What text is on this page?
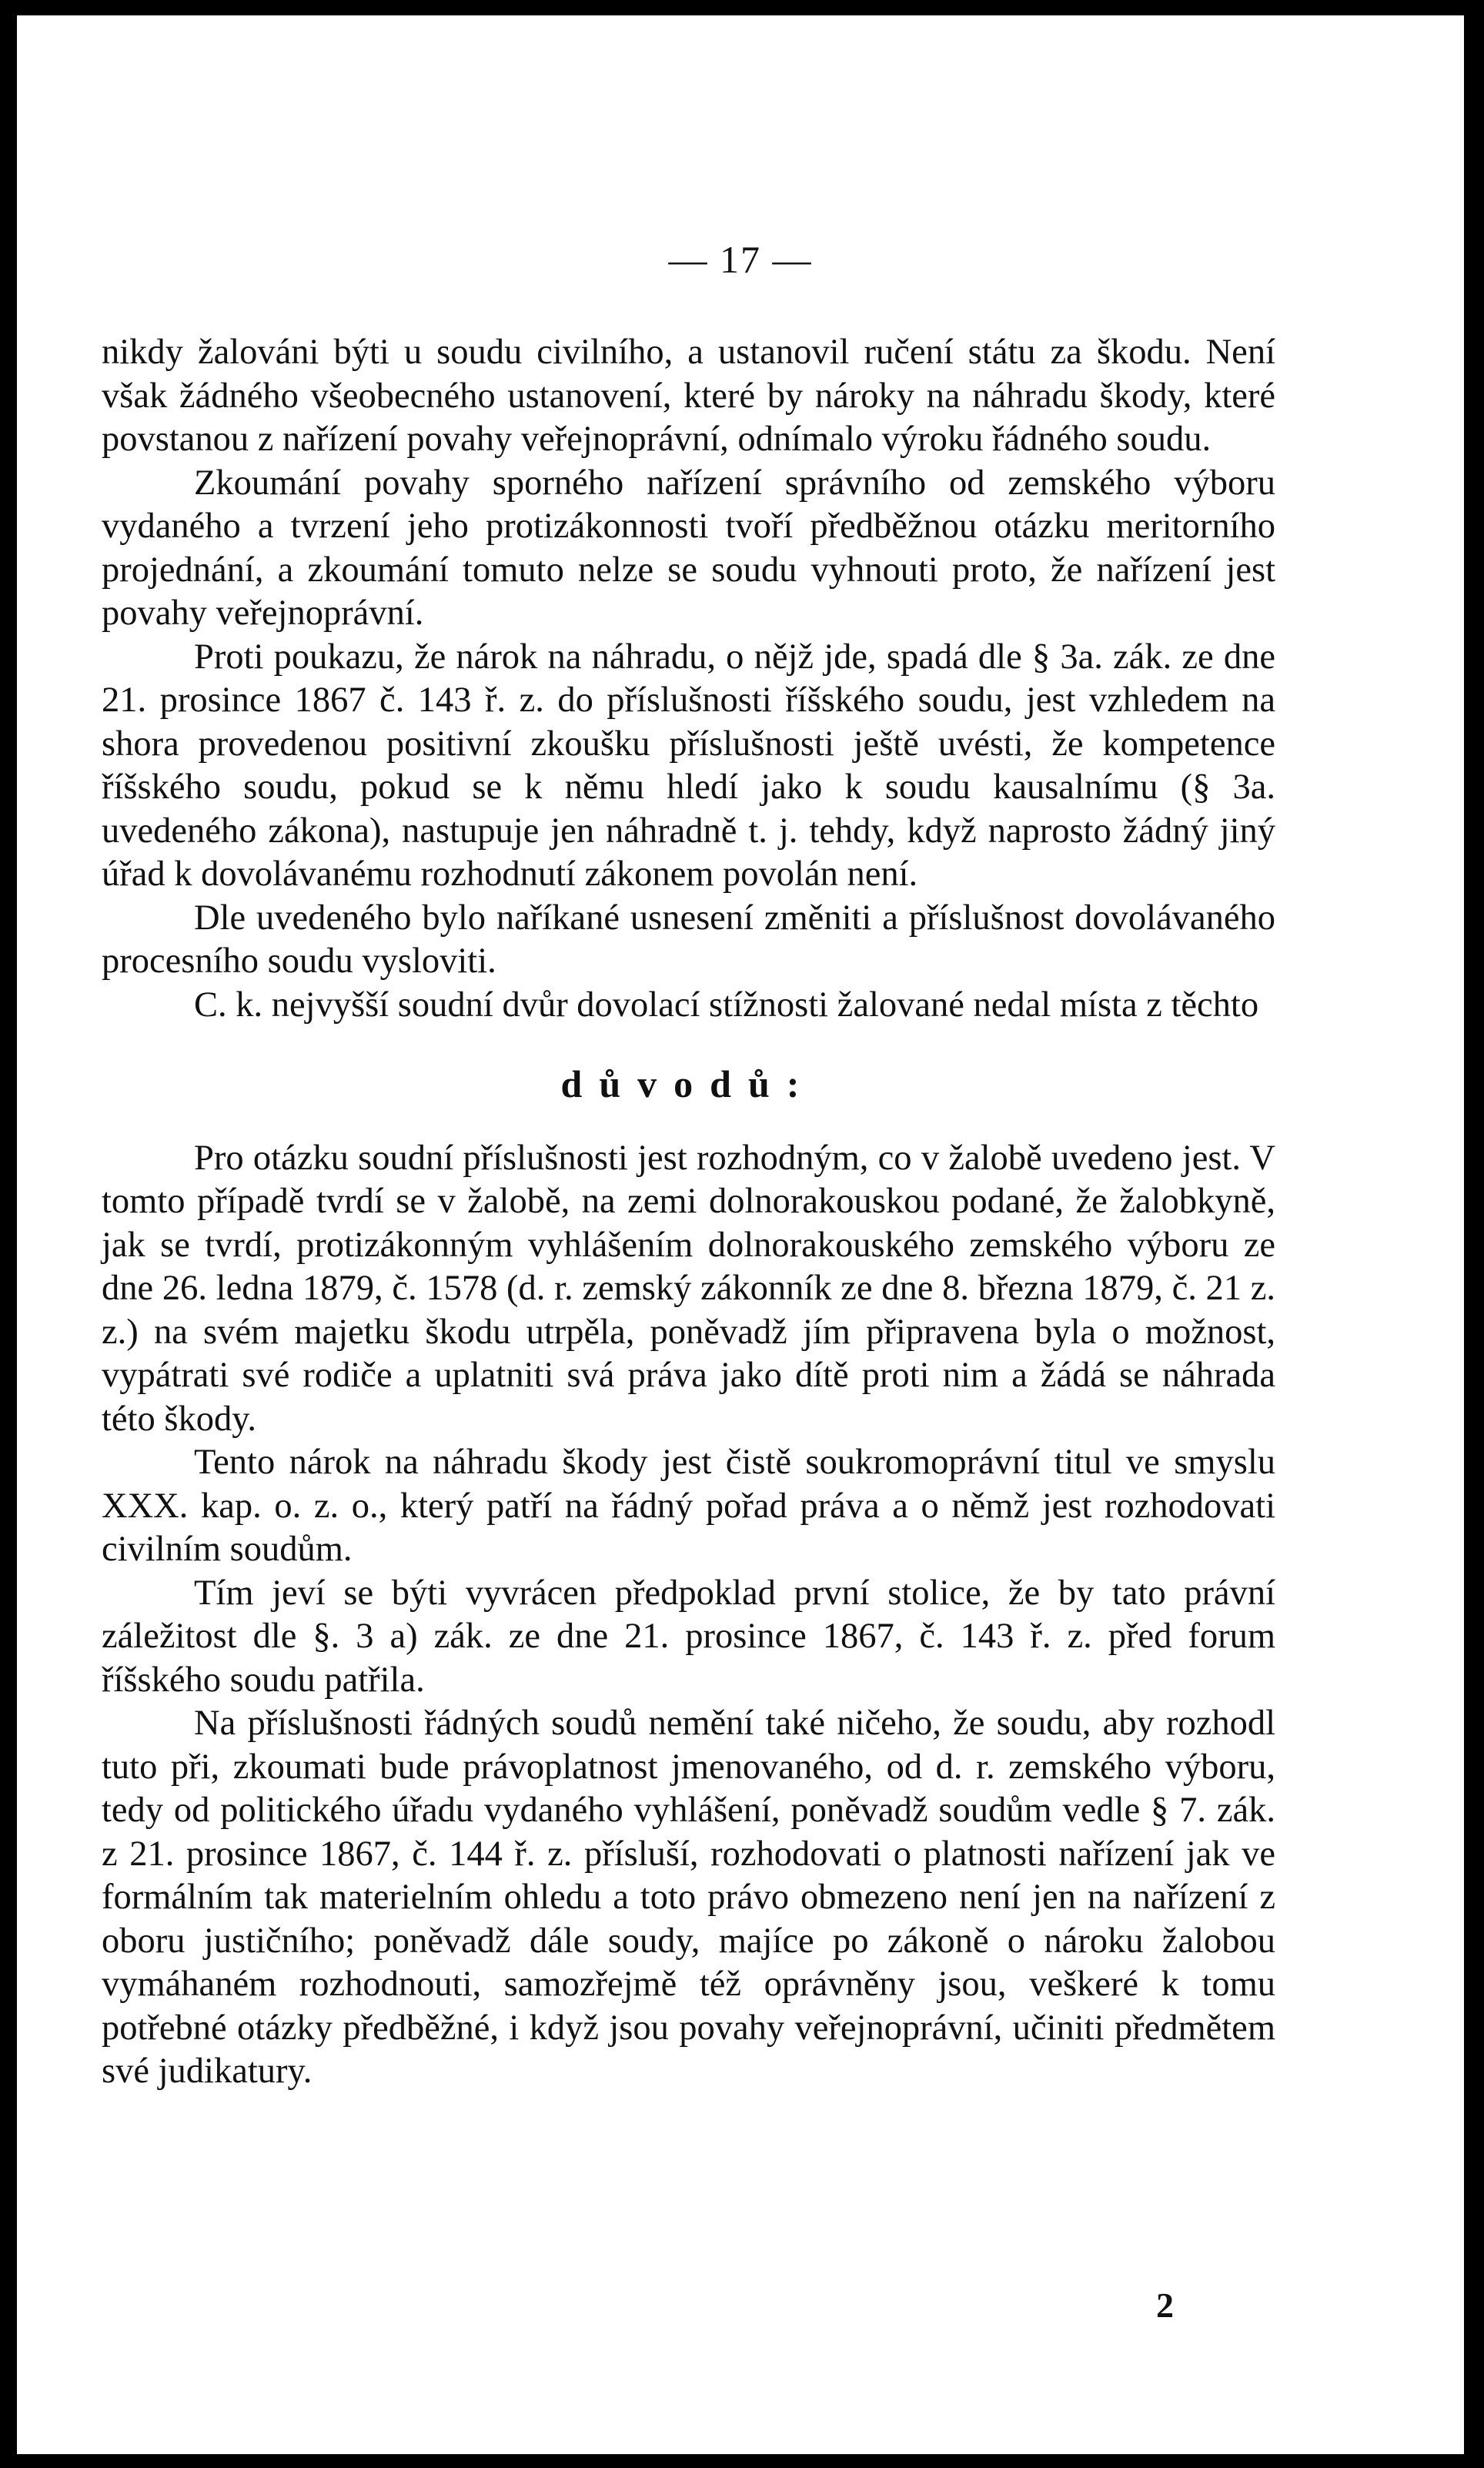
— 17 —

nikdy žalováni býti u soudu civilního, a ustanovil ručení státu za škodu. Není však žádného všeobecného ustanovení, které by nároky na náhradu škody, které povstanou z nařízení povahy veřejnoprávní, odnímalo výroku řádného soudu.

Zkoumání povahy sporného nařízení správního od zemského výboru vydaného a tvrzení jeho protizákonnosti tvoří předběžnou otázku meritorního projednání, a zkoumání tomuto nelze se soudu vyhnouti proto, že nařízení jest povahy veřejnoprávní.

Proti poukazu, že nárok na náhradu, o nějž jde, spadá dle § 3a. zák. ze dne 21. prosince 1867 č. 143 ř. z. do příslušnosti říšského soudu, jest vzhledem na shora provedenou positivní zkoušku příslušnosti ještě uvésti, že kompetence říšského soudu, pokud se k němu hledí jako k soudu kausalnímu (§ 3a. uvedeného zákona), nastupuje jen náhradně t. j. tehdy, když naprosto žádný jiný úřad k dovolávanému rozhodnutí zákonem povolán není.

Dle uvedeného bylo naříkané usnesení změniti a příslušnost dovolávaného procesního soudu vysloviti.

C. k. nejvyšší soudní dvůr dovolací stížnosti žalované nedal místa z těchto

důvodů:

Pro otázku soudní příslušnosti jest rozhodným, co v žalobě uvedeno jest. V tomto případě tvrdí se v žalobě, na zemi dolnorakouskou podané, že žalobkyně, jak se tvrdí, protizákonným vyhlášením dolnorakouského zemského výboru ze dne 26. ledna 1879, č. 1578 (d. r. zemský zákonník ze dne 8. března 1879, č. 21 z. z.) na svém majetku škodu utrpěla, poněvadž jím připravena byla o možnost, vypátrati své rodiče a uplatniti svá práva jako dítě proti nim a žádá se náhrada této škody.

Tento nárok na náhradu škody jest čistě soukromoprávní titul ve smyslu XXX. kap. o. z. o., který patří na řádný pořad práva a o němž jest rozhodovati civilním soudům.

Tím jeví se býti vyvrácen předpoklad první stolice, že by tato právní záležitost dle §. 3 a) zák. ze dne 21. prosince 1867, č. 143 ř. z. před forum říšského soudu patřila.

Na příslušnosti řádných soudů nemění také ničeho, že soudu, aby rozhodl tuto při, zkoumati bude právoplatnost jmenovaného, od d. r. zemského výboru, tedy od politického úřadu vydaného vyhlášení, poněvadž soudům vedle § 7. zák. z 21. prosince 1867, č. 144 ř. z. přísluší, rozhodovati o platnosti nařízení jak ve formálním tak materielním ohledu a toto právo obmezeno není jen na nařízení z oboru justičního; poněvadž dále soudy, majíce po zákoně o nároku žalobou vymáhaném rozhodnouti, samozřejmě též oprávněny jsou, veškeré k tomu potřebné otázky předběžné, i když jsou povahy veřejnoprávní, učiniti předmětem své judikatury.

2
